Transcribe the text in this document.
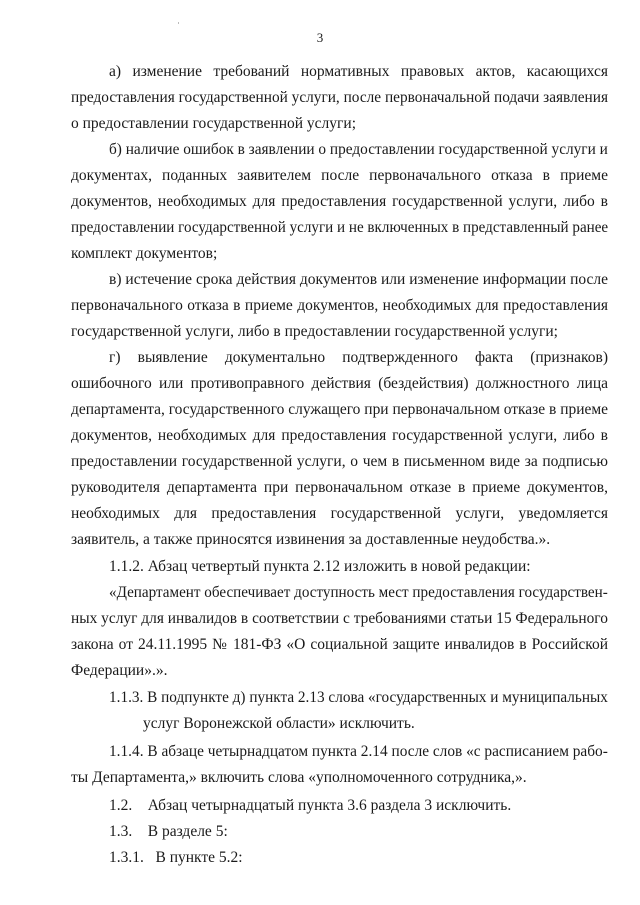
3
а) изменение требований нормативных правовых актов, касающихся
предоставления государственной услуги, после первоначальной подачи заявления
о предоставлении государственной услуги;
б) наличие ошибок в заявлении о предоставлении государственной услуги и
документах, поданных заявителем после первоначального отказа в приеме
документов, необходимых для предоставления государственной услуги, либо в
предоставлении государственной услуги и не включенных в представленный ранее
комплект документов;
в) истечение срока действия документов или изменение информации после
первоначального отказа в приеме документов, необходимых для предоставления
государственной услуги, либо в предоставлении государственной услуги;
г) выявление документально подтвержденного факта (признаков)
ошибочного или противоправного действия (бездействия) должностного лица
департамента, государственного служащего при первоначальном отказе в приеме
документов, необходимых для предоставления государственной услуги, либо в
предоставлении государственной услуги, о чем в письменном виде за подписью
руководителя департамента при первоначальном отказе в приеме документов,
необходимых для предоставления государственной услуги, уведомляется
заявитель, а также приносятся извинения за доставленные неудобства.».
1.1.2. Абзац четвертый пункта 2.12 изложить в новой редакции:
«Департамент обеспечивает доступность мест предоставления государствен-
ных услуг для инвалидов в соответствии с требованиями статьи 15 Федерального
закона от 24.11.1995 № 181-ФЗ «О социальной защите инвалидов в Российской
Федерации».».
1.1.3. В подпункте д) пункта 2.13 слова «государственных и муниципальных
услуг Воронежской области» исключить.
1.1.4. В абзаце четырнадцатом пункта 2.14 после слов «с расписанием рабо-
ты Департамента,» включить слова «уполномоченного сотрудника,».
1.2.    Абзац четырнадцатый пункта 3.6 раздела 3 исключить.
1.3.    В разделе 5:
1.3.1.   В пункте 5.2:
